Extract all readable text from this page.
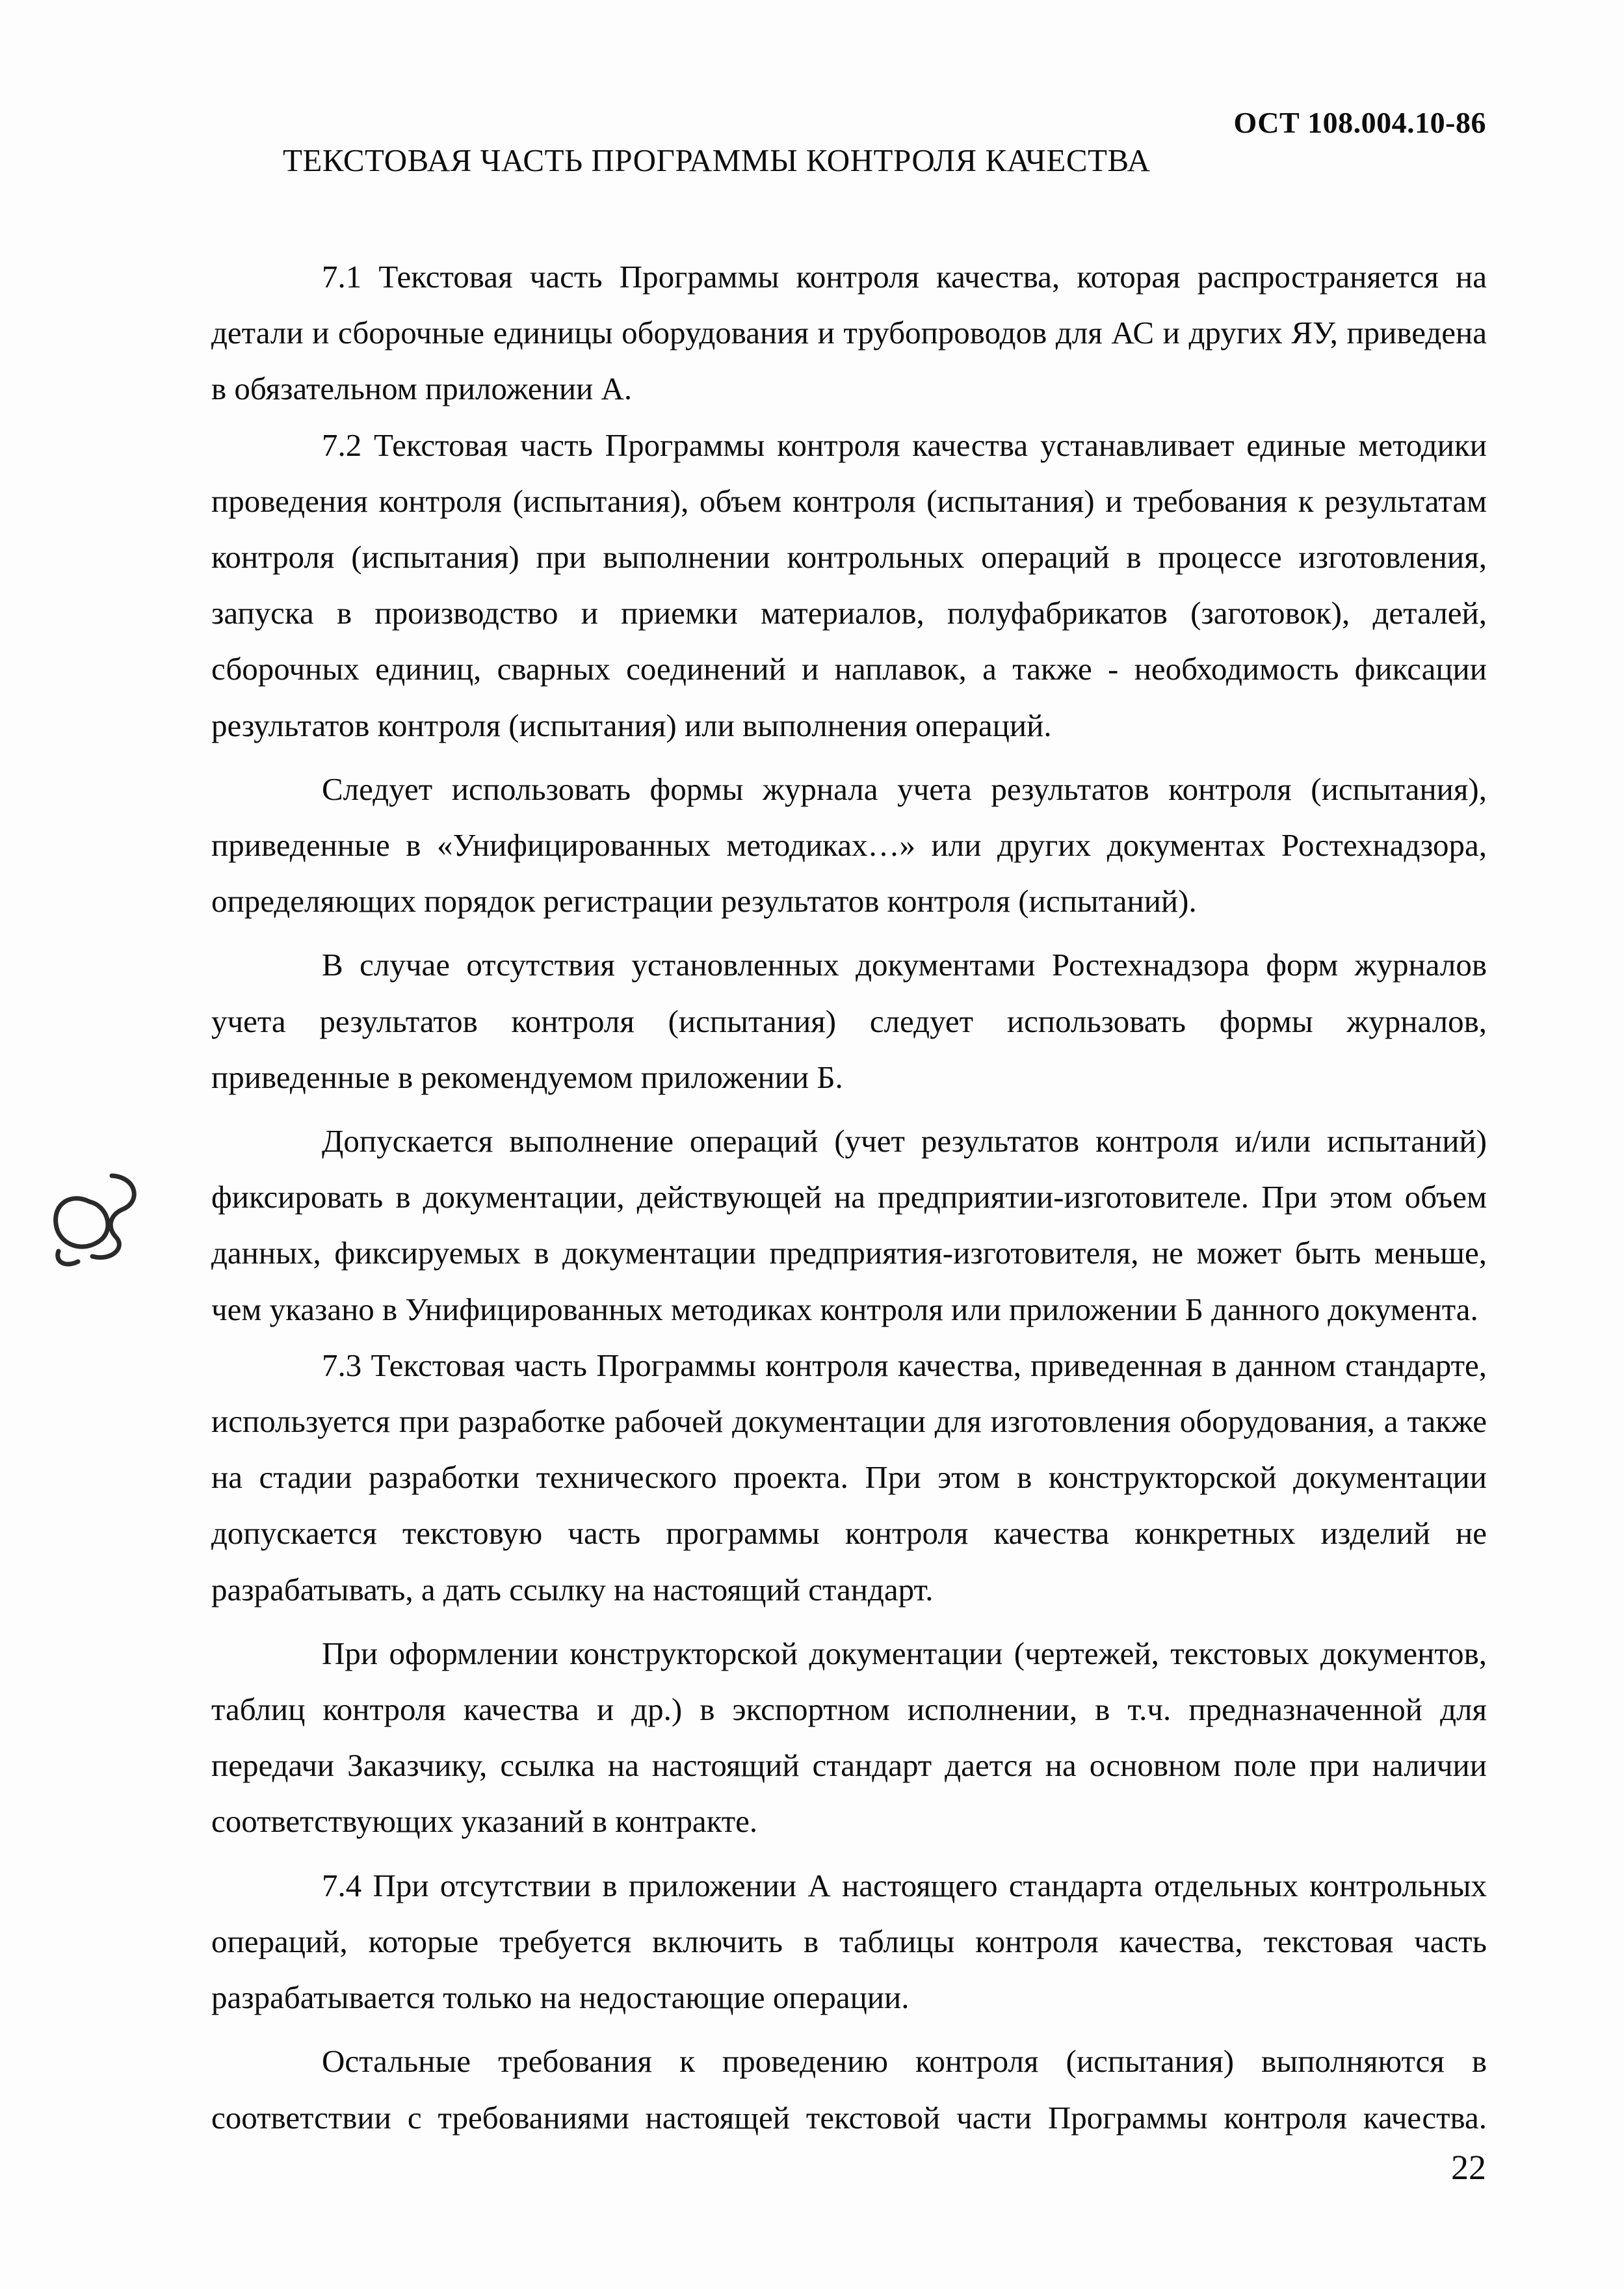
ОСТ 108.004.10-86
ТЕКСТОВАЯ ЧАСТЬ ПРОГРАММЫ КОНТРОЛЯ КАЧЕСТВА

7.1 Текстовая часть Программы контроля качества, которая распространяется на детали и сборочные единицы оборудования и трубопроводов для АС и других ЯУ, приведена в обязательном приложении А.

7.2 Текстовая часть Программы контроля качества устанавливает единые методики проведения контроля (испытания), объем контроля (испытания) и требования к результатам контроля (испытания) при выполнении контрольных операций в процессе изготовления, запуска в производство и приемки материалов, полуфабрикатов (заготовок), деталей, сборочных единиц, сварных соединений и наплавок, а также - необходимость фиксации результатов контроля (испытания) или выполнения операций.

Следует использовать формы журнала учета результатов контроля (испытания), приведенные в «Унифицированных методиках…» или других документах Ростехнадзора, определяющих порядок регистрации результатов контроля (испытаний).

В случае отсутствия установленных документами Ростехнадзора форм журналов учета результатов контроля (испытания) следует использовать формы журналов, приведенные в рекомендуемом приложении Б.

Допускается выполнение операций (учет результатов контроля и/или испытаний) фиксировать в документации, действующей на предприятии-изготовителе. При этом объем данных, фиксируемых в документации предприятия-изготовителя, не может быть меньше, чем указано в Унифицированных методиках контроля или приложении Б данного документа.

7.3 Текстовая часть Программы контроля качества, приведенная в данном стандарте, используется при разработке рабочей документации для изготовления оборудования, а также на стадии разработки технического проекта. При этом в конструкторской документации допускается текстовую часть программы контроля качества конкретных изделий не разрабатывать, а дать ссылку на настоящий стандарт.

При оформлении конструкторской документации (чертежей, текстовых документов, таблиц контроля качества и др.) в экспортном исполнении, в т.ч. предназначенной для передачи Заказчику, ссылка на настоящий стандарт дается на основном поле при наличии соответствующих указаний в контракте.

7.4 При отсутствии в приложении А настоящего стандарта отдельных контрольных операций, которые требуется включить в таблицы контроля качества, текстовая часть разрабатывается только на недостающие операции.

Остальные требования к проведению контроля (испытания) выполняются в соответствии с требованиями настоящей текстовой части Программы контроля качества.

22
